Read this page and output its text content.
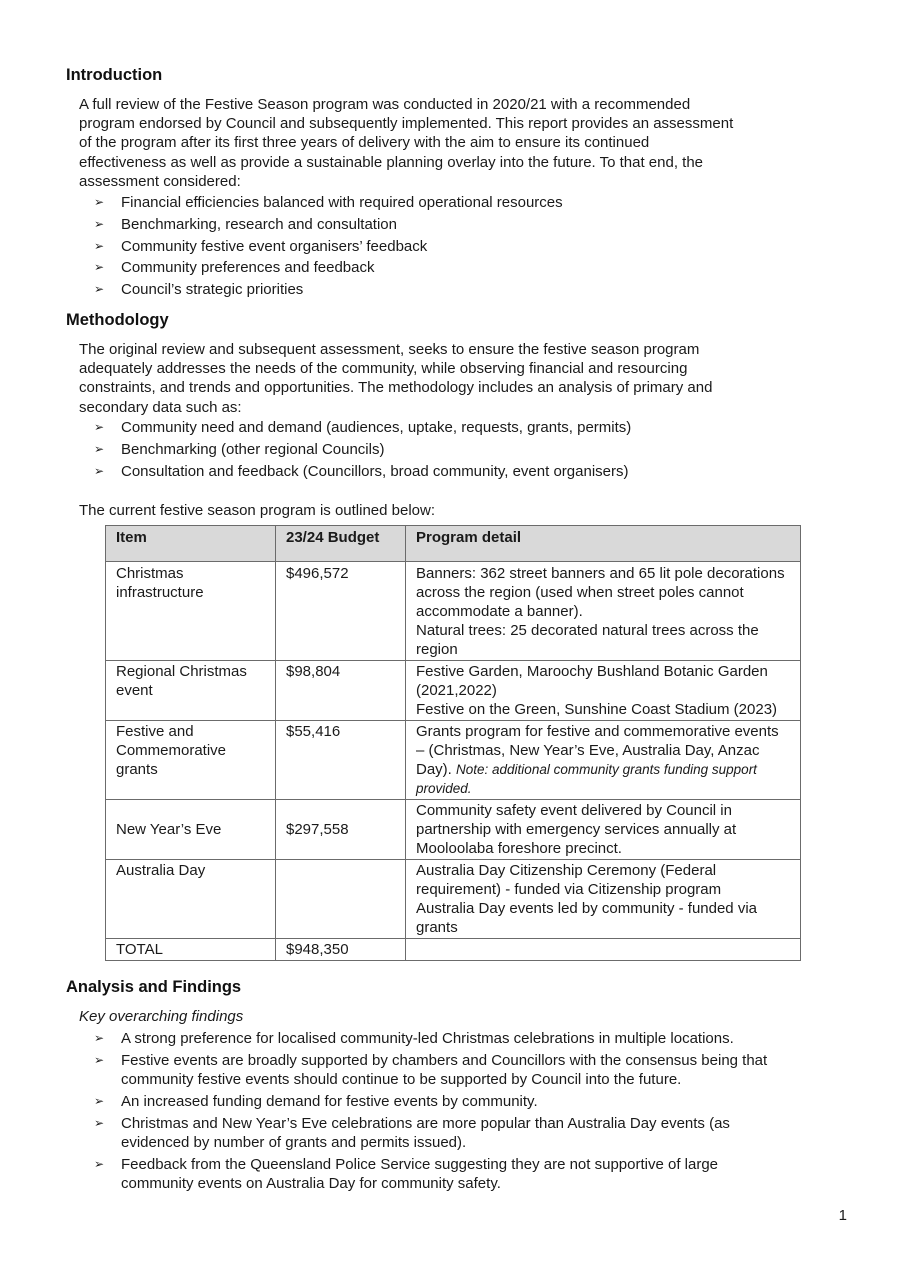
Introduction
A full review of the Festive Season program was conducted in 2020/21 with a recommended
program endorsed by Council and subsequently implemented. This report provides an assessment
of the program after its first three years of delivery with the aim to ensure its continued
effectiveness as well as provide a sustainable planning overlay into the future. To that end, the
assessment considered:
➢ Financial efficiencies balanced with required operational resources
➢ Benchmarking, research and consultation
➢ Community festive event organisers’ feedback
➢ Community preferences and feedback
➢ Council’s strategic priorities
Methodology
The original review and subsequent assessment, seeks to ensure the festive season program
adequately addresses the needs of the community, while observing financial and resourcing
constraints, and trends and opportunities. The methodology includes an analysis of primary and
secondary data such as:
➢ Community need and demand (audiences, uptake, requests, grants, permits)
➢ Benchmarking (other regional Councils)
➢ Consultation and feedback (Councillors, broad community, event organisers)
The current festive season program is outlined below:
Item	23/24 Budget	Program detail
Christmas infrastructure	$496,572	Banners: 362 street banners and 65 lit pole decorations across the region (used when street poles cannot accommodate a banner).
Natural trees: 25 decorated natural trees across the region

Regional Christmas event	$98,804	Festive Garden, Maroochy Bushland Botanic Garden (2021,2022)
Festive on the Green, Sunshine Coast Stadium (2023)

Festive and Commemorative grants	$55,416	Grants program for festive and commemorative events – (Christmas, New Year’s Eve, Australia Day, Anzac Day). Note: additional community grants funding support provided.
New Year’s Eve	$297,558	Community safety event delivered by Council in partnership with emergency services annually at Mooloolaba foreshore precinct.

Australia Day		Australia Day Citizenship Ceremony (Federal requirement) - funded via Citizenship program
Australia Day events led by community - funded via grants

TOTAL	$948,350	
Analysis and Findings
Key overarching findings
➢ A strong preference for localised community-led Christmas celebrations in multiple locations.
➢ Festive events are broadly supported by chambers and Councillors with the consensus being that community festive events should continue to be supported by Council into the future.
➢ An increased funding demand for festive events by community.
➢ Christmas and New Year’s Eve celebrations are more popular than Australia Day events (as evidenced by number of grants and permits issued).
➢ Feedback from the Queensland Police Service suggesting they are not supportive of large community events on Australia Day for community safety.
1
